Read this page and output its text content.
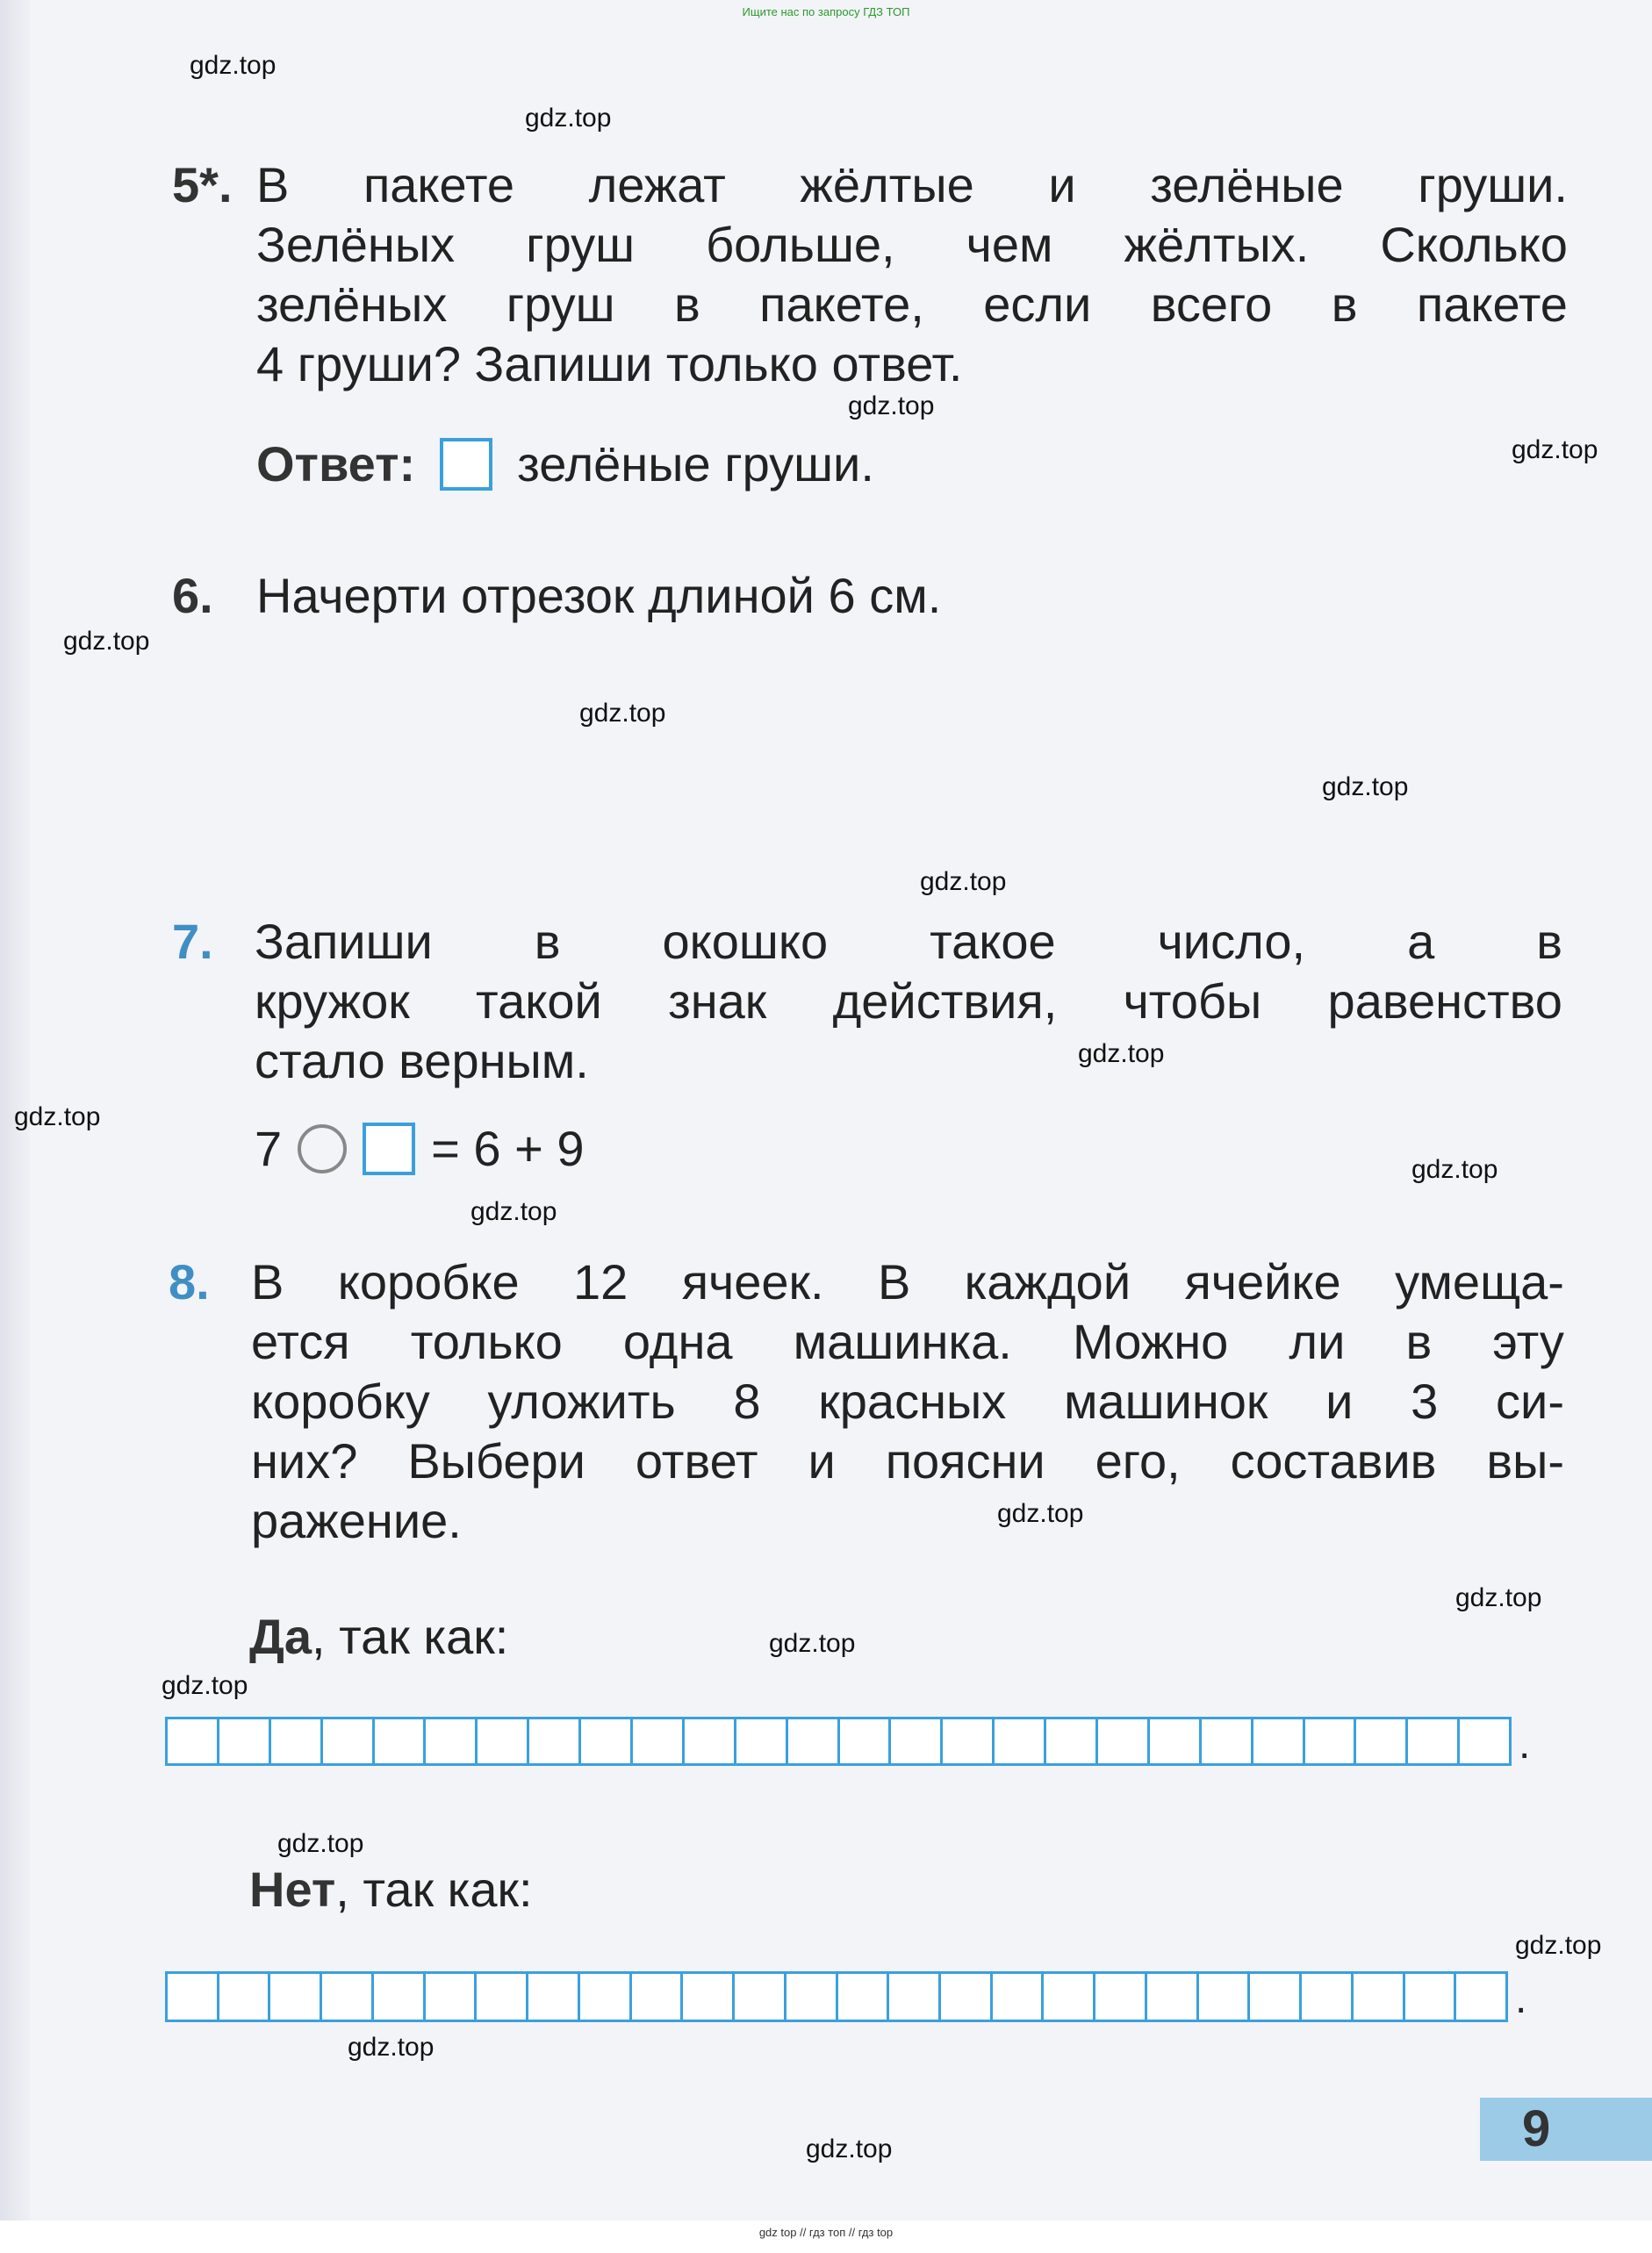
Ищите нас по запросу ГДЗ ТОП
gdz.top
gdz.top
gdz.top
gdz.top
gdz.top
gdz.top
gdz.top
gdz.top
gdz.top
gdz.top
gdz.top
gdz.top
gdz.top
gdz.top
gdz.top
gdz.top
gdz.top
gdz.top
gdz.top
gdz.top
5*. В пакете лежат жёлтые и зелёные груши.
Зелёных груш больше, чем жёлтых. Сколько
зелёных груш в пакете, если всего в пакете
4 груши? Запиши только ответ.
Ответ: зелёные груши.
6. Начерти отрезок длиной 6 см.
7. Запиши в окошко такое число, а в
кружок такой знак действия, чтобы равенство
стало верным.
7	= 6 + 9
8. В коробке 12 ячеек. В каждой ячейке умеща-
ется только одна машинка. Можно ли в эту
коробку уложить 8 красных машинок и 3 си-
них? Выбери ответ и поясни его, составив вы-
ражение.
Да, так как:
.
Нет, так как:
.
9
gdz top // гдз топ // гдз top
